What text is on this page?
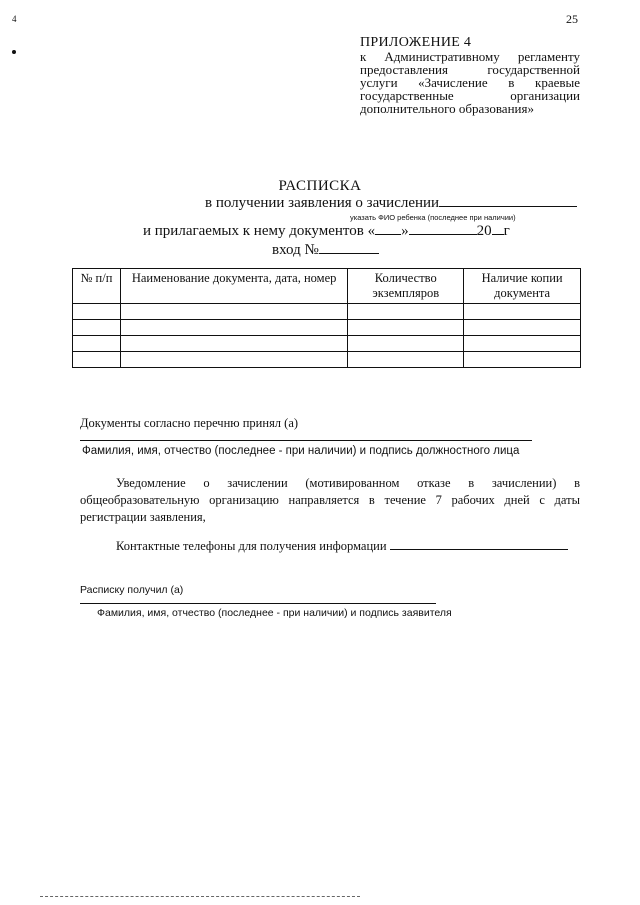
4	25
ПРИЛОЖЕНИЕ 4
к Административному регламенту предоставления государственной услуги «Зачисление в краевые государственные организации дополнительного образования»
РАСПИСКА
в получении заявления о зачислении
указать ФИО ребенка (последнее при наличии)
и прилагаемых к нему документов « »	20 г
вход №
№ п/п	Наименование документа, дата, номер	Количество экземпляров	Наличие копии документа

Документы согласно перечню принял (а)
Фамилия, имя, отчество (последнее - при наличии) и подпись должностного лица
Уведомление о зачислении (мотивированном отказе в зачислении) в общеобразовательную организацию направляется в течение 7 рабочих дней с даты регистрации заявления,
Контактные телефоны для получения информации
Расписку получил (а)
Фамилия, имя, отчество (последнее - при наличии) и подпись заявителя
